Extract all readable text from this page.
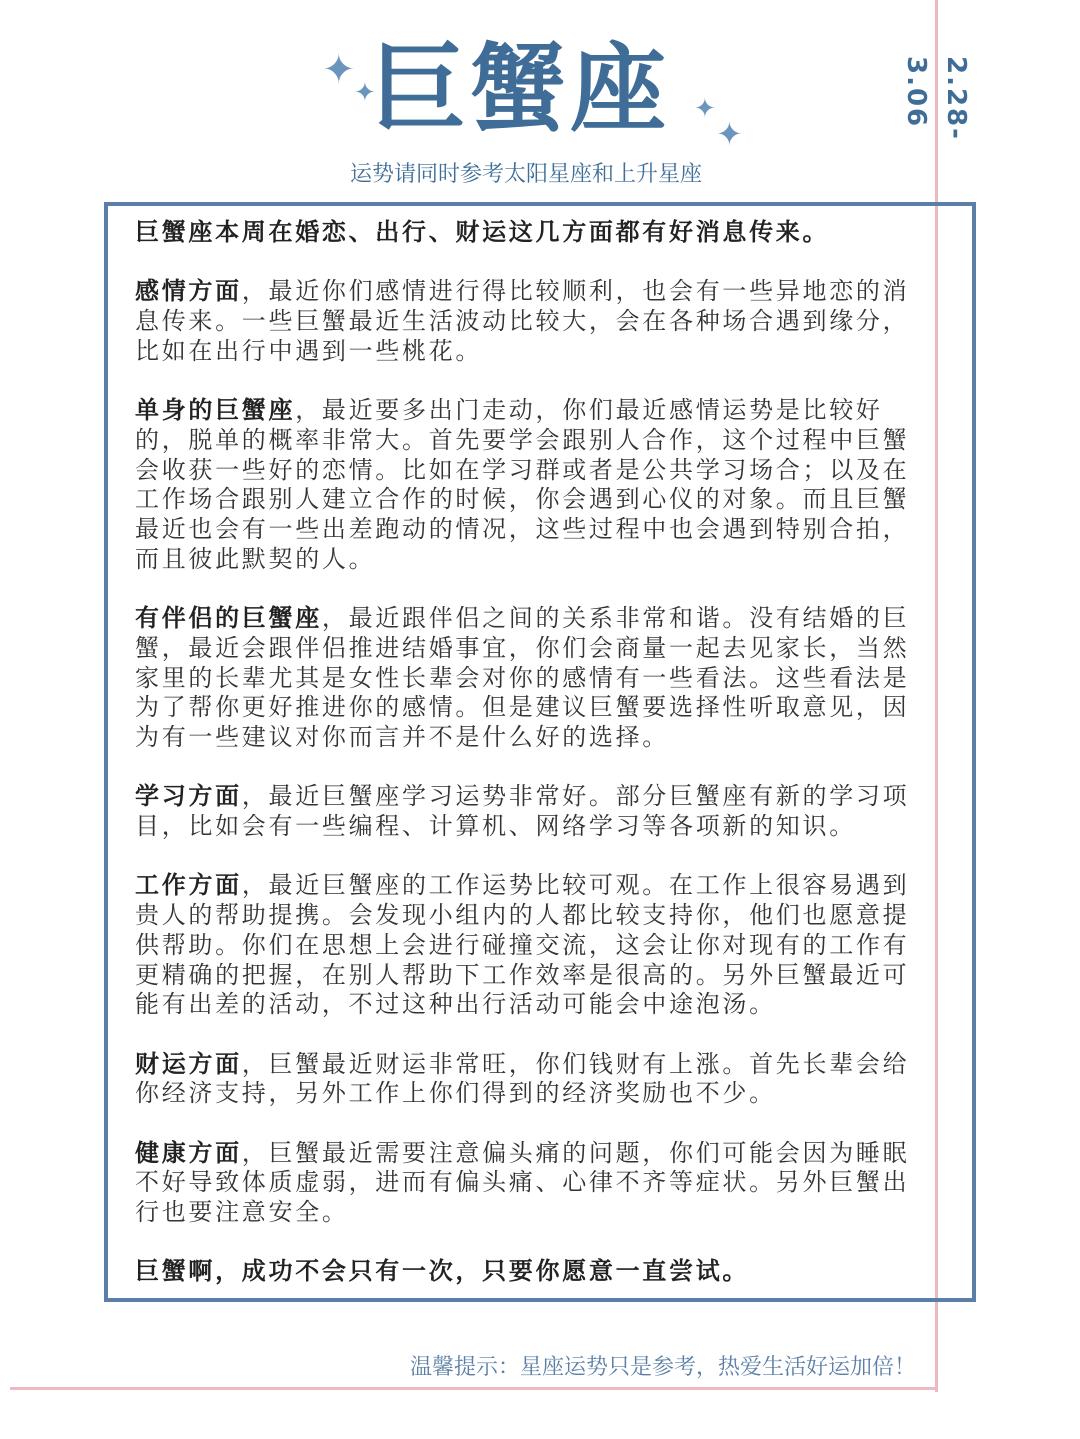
✦
✦
✦
✦
巨蟹座
运势请同时参考太阳星座和上升星座
2.28-3.06

巨蟹座本周在婚恋、出行、财运这几方面都有好消息传来。

感情方面，最近你们感情进行得比较顺利，也会有一些异地恋的消息传来。一些巨蟹最近生活波动比较大，会在各种场合遇到缘分，比如在出行中遇到一些桃花。

单身的巨蟹座，最近要多出门走动，你们最近感情运势是比较好的，脱单的概率非常大。首先要学会跟别人合作，这个过程中巨蟹会收获一些好的恋情。比如在学习群或者是公共学习场合；以及在工作场合跟别人建立合作的时候，你会遇到心仪的对象。而且巨蟹最近也会有一些出差跑动的情况，这些过程中也会遇到特别合拍，而且彼此默契的人。

有伴侣的巨蟹座，最近跟伴侣之间的关系非常和谐。没有结婚的巨蟹，最近会跟伴侣推进结婚事宜，你们会商量一起去见家长，当然家里的长辈尤其是女性长辈会对你的感情有一些看法。这些看法是为了帮你更好推进你的感情。但是建议巨蟹要选择性听取意见，因为有一些建议对你而言并不是什么好的选择。

学习方面，最近巨蟹座学习运势非常好。部分巨蟹座有新的学习项目，比如会有一些编程、计算机、网络学习等各项新的知识。

工作方面，最近巨蟹座的工作运势比较可观。在工作上很容易遇到贵人的帮助提携。会发现小组内的人都比较支持你，他们也愿意提供帮助。你们在思想上会进行碰撞交流，这会让你对现有的工作有更精确的把握，在别人帮助下工作效率是很高的。另外巨蟹最近可能有出差的活动，不过这种出行活动可能会中途泡汤。

财运方面，巨蟹最近财运非常旺，你们钱财有上涨。首先长辈会给你经济支持，另外工作上你们得到的经济奖励也不少。

健康方面，巨蟹最近需要注意偏头痛的问题，你们可能会因为睡眠不好导致体质虚弱，进而有偏头痛、心律不齐等症状。另外巨蟹出行也要注意安全。

巨蟹啊，成功不会只有一次，只要你愿意一直尝试。

温馨提示：星座运势只是参考，热爱生活好运加倍！
